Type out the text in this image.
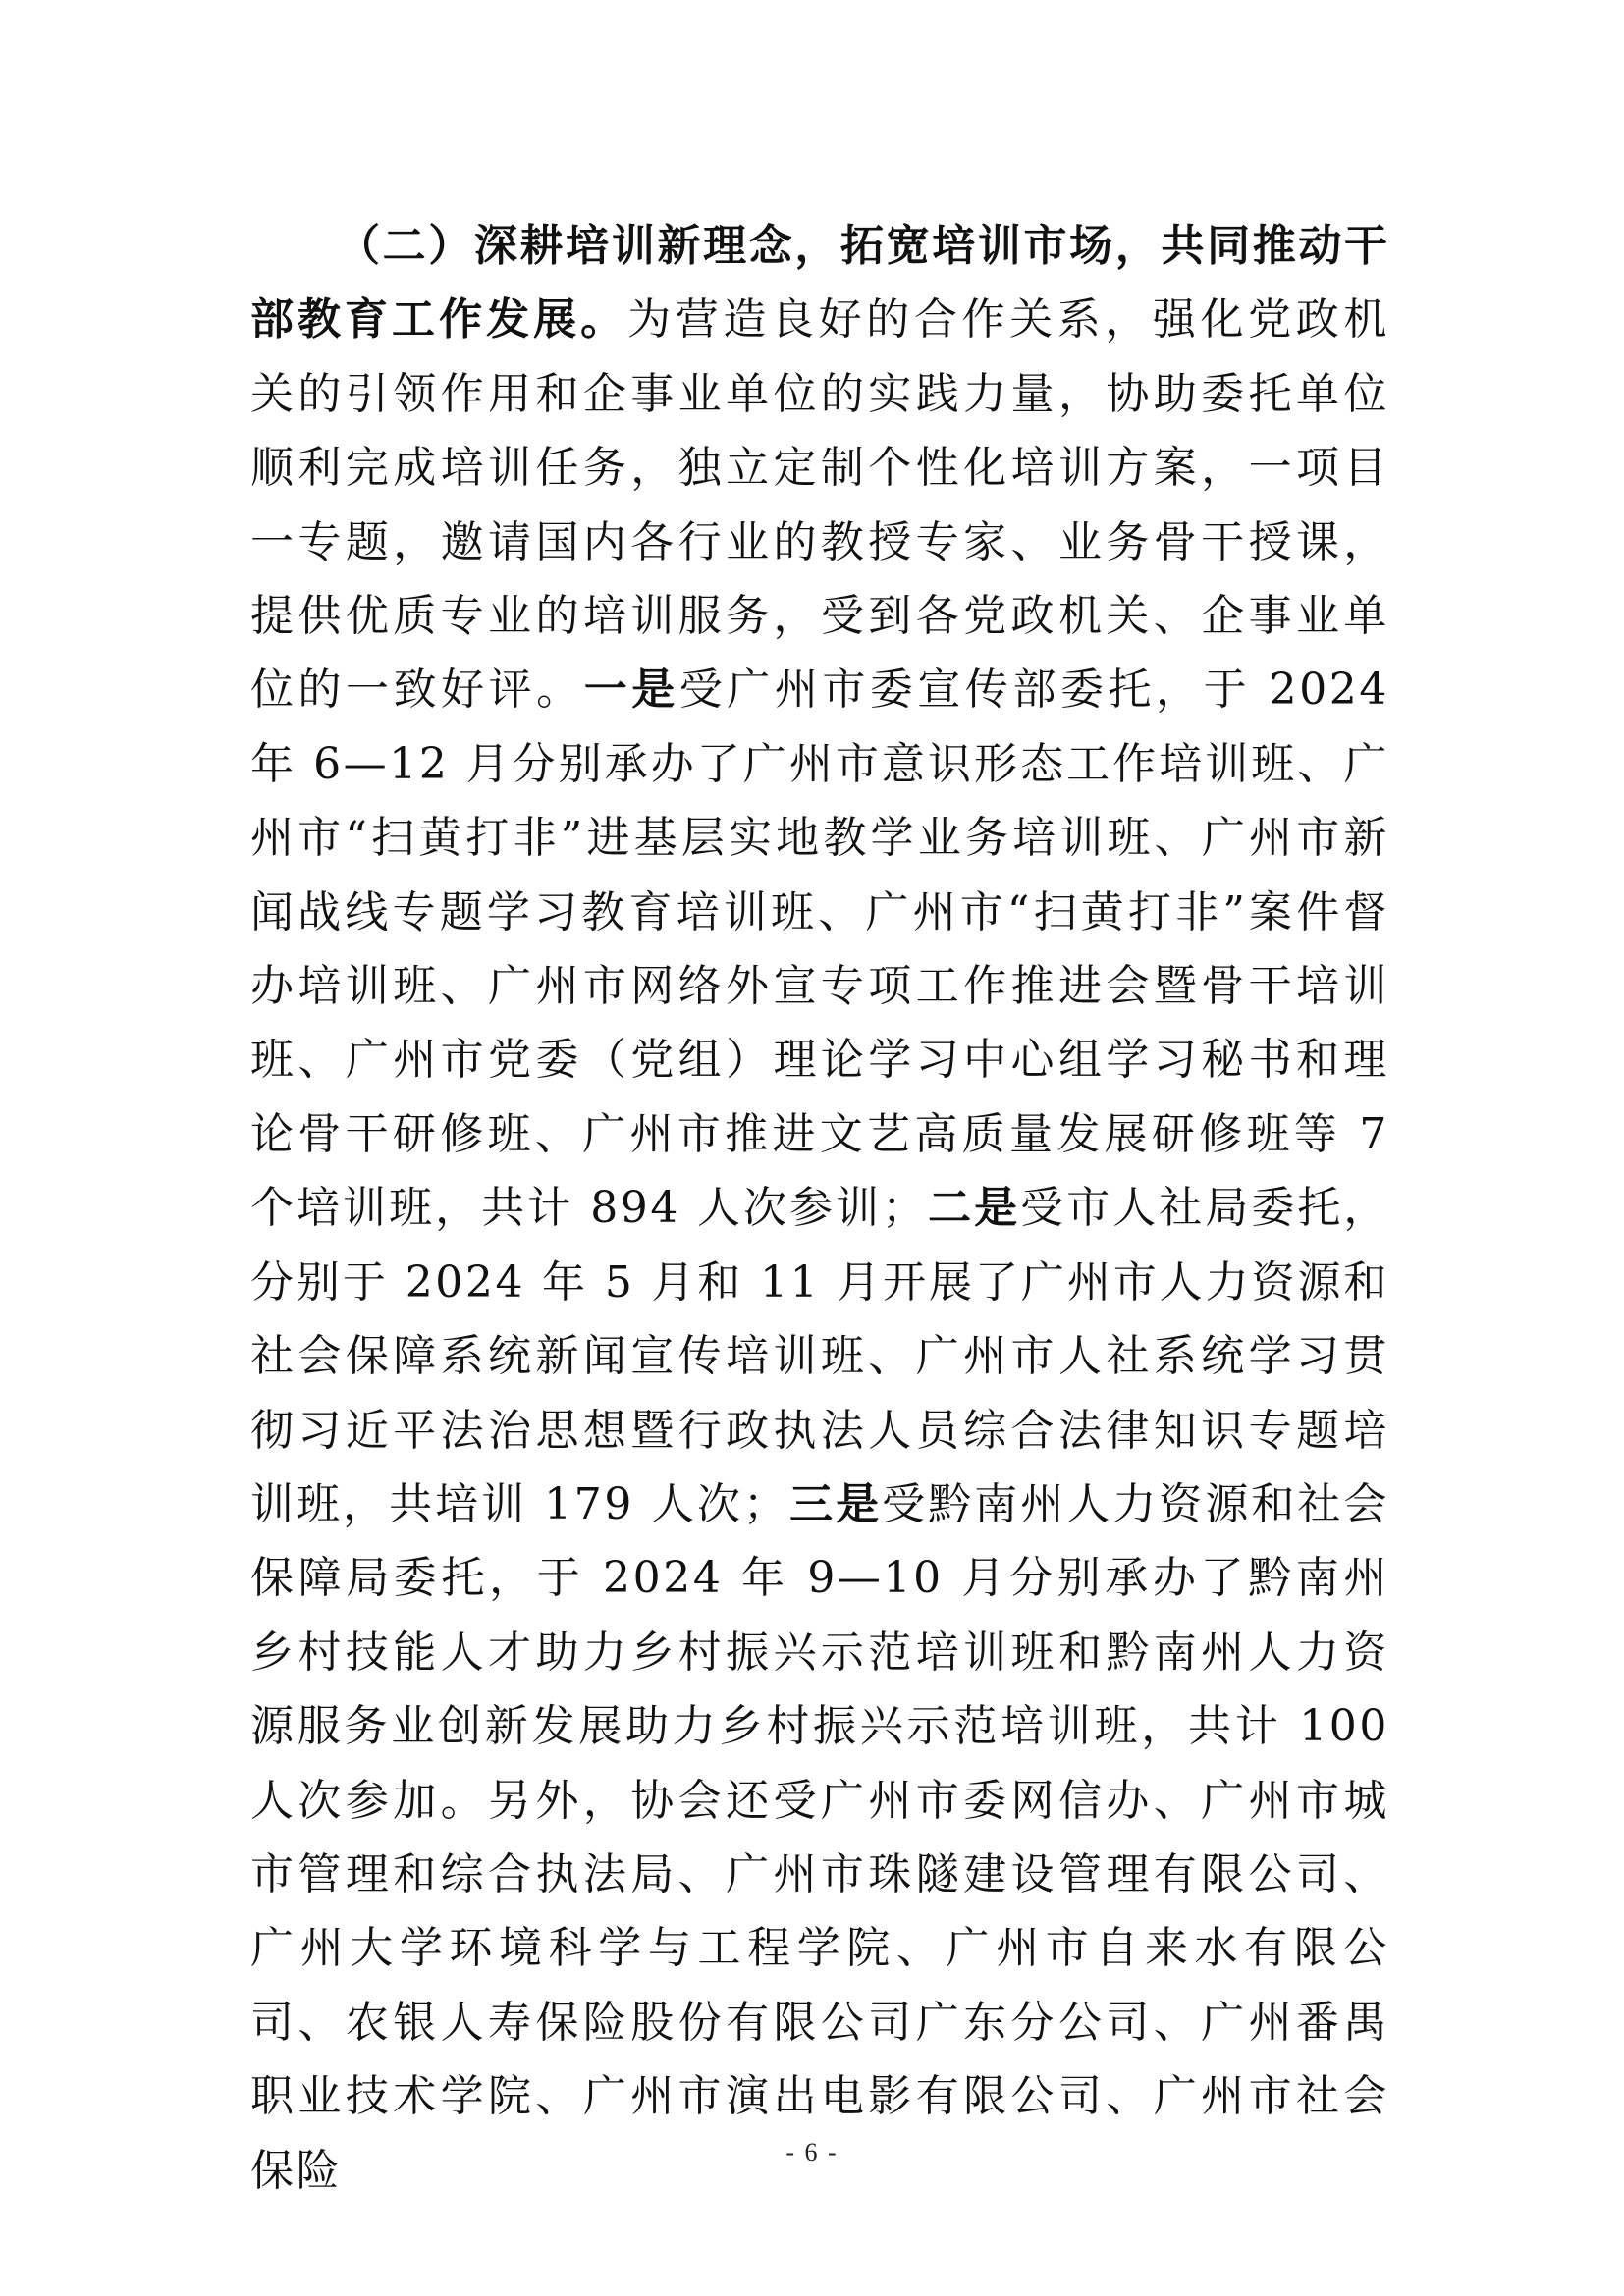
（二）深耕培训新理念，拓宽培训市场，共同推动干部教育工作发展。为营造良好的合作关系，强化党政机关的引领作用和企事业单位的实践力量，协助委托单位顺利完成培训任务，独立定制个性化培训方案，一项目一专题，邀请国内各行业的教授专家、业务骨干授课，提供优质专业的培训服务，受到各党政机关、企事业单位的一致好评。一是受广州市委宣传部委托，于 2024 年 6—12 月分别承办了广州市意识形态工作培训班、广州市“扫黄打非”进基层实地教学业务培训班、广州市新闻战线专题学习教育培训班、广州市“扫黄打非”案件督办培训班、广州市网络外宣专项工作推进会暨骨干培训班、广州市党委（党组）理论学习中心组学习秘书和理论骨干研修班、广州市推进文艺高质量发展研修班等 7 个培训班，共计 894 人次参训；二是受市人社局委托，分别于 2024 年 5 月和 11 月开展了广州市人力资源和社会保障系统新闻宣传培训班、广州市人社系统学习贯彻习近平法治思想暨行政执法人员综合法律知识专题培训班，共培训 179 人次；三是受黔南州人力资源和社会保障局委托，于 2024 年 9—10 月分别承办了黔南州乡村技能人才助力乡村振兴示范培训班和黔南州人力资源服务业创新发展助力乡村振兴示范培训班，共计 100 人次参加。另外，协会还受广州市委网信办、广州市城市管理和综合执法局、广州市珠隧建设管理有限公司、广州大学环境科学与工程学院、广州市自来水有限公司、农银人寿保险股份有限公司广东分公司、广州番禺职业技术学院、广州市演出电影有限公司、广州市社会保险	- 6 -
